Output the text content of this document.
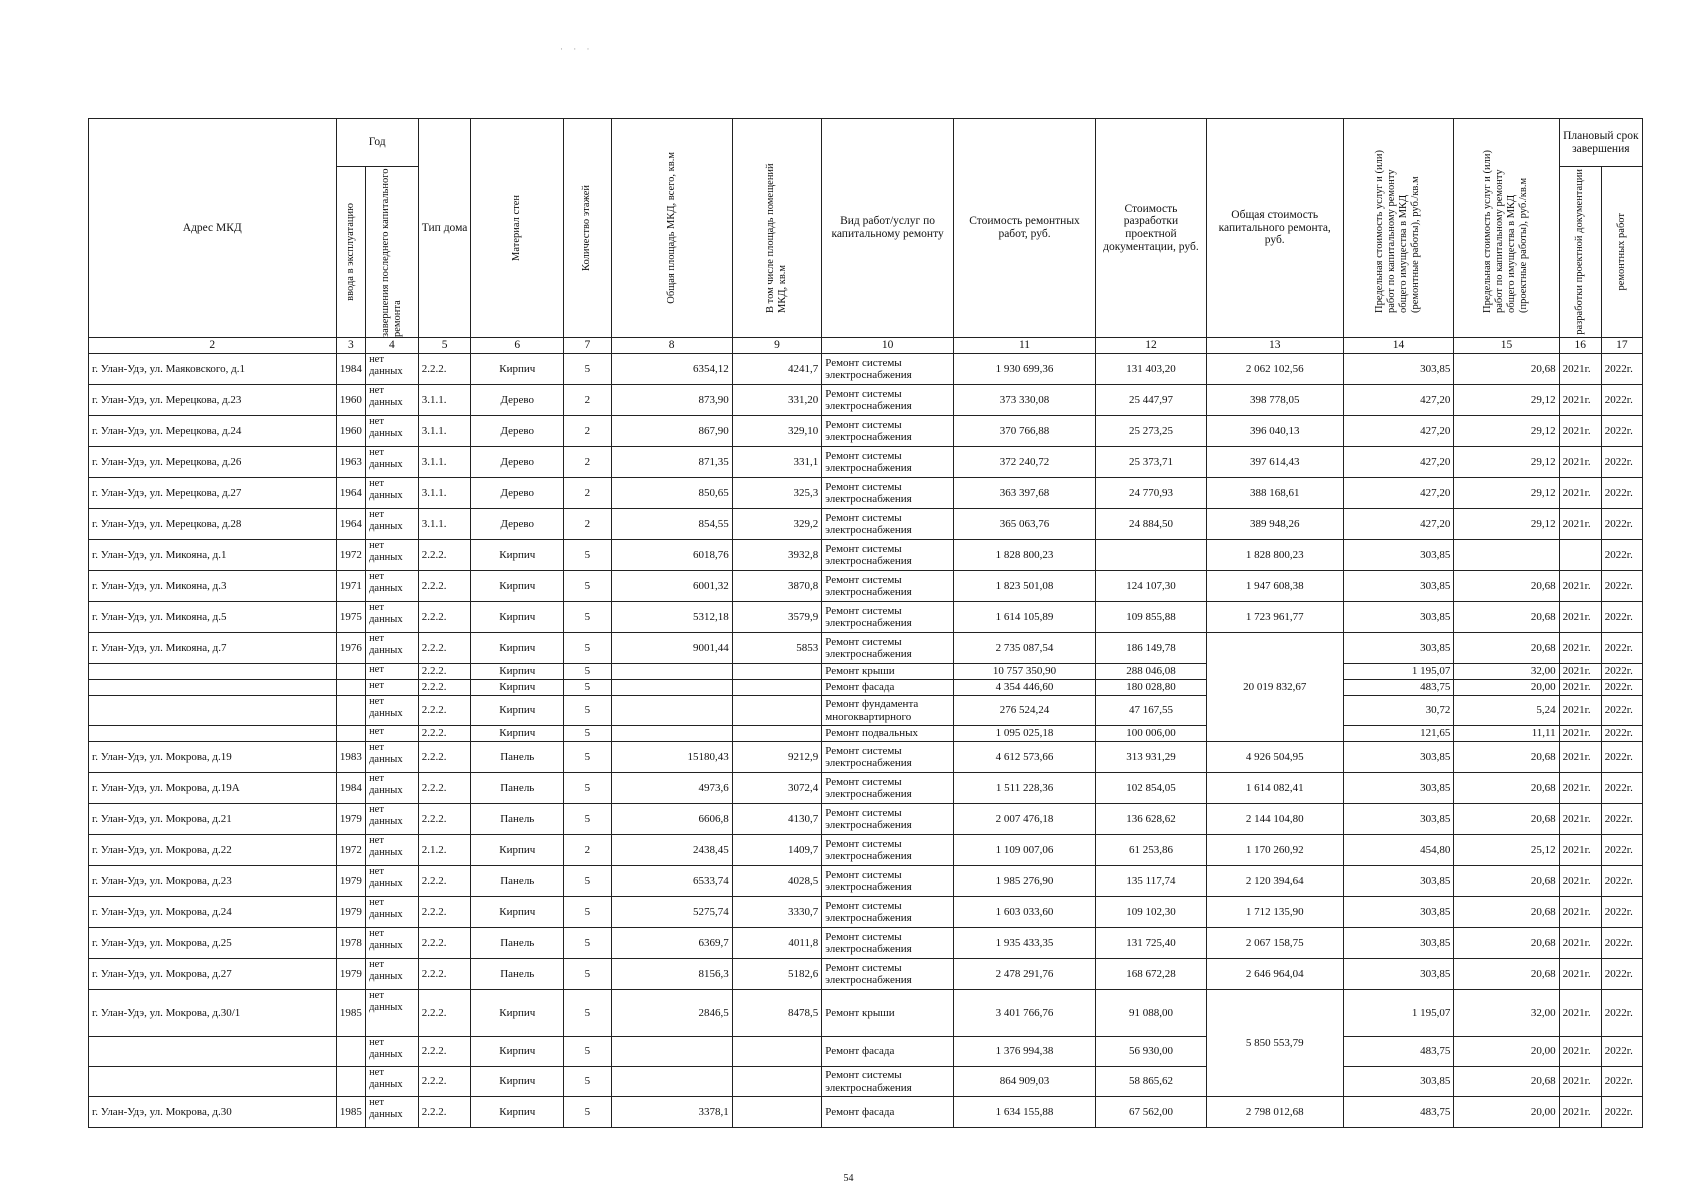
· · ·
Адрес МКД	Год		Тип дома	Материал стен	Количество этажей	Общая площадь МКД, всего, кв.м	В том числе площадь помещений МКД, кв.м	Вид работ/услуг по капитальному ремонту	Стоимость ремонтных работ, руб.	Стоимость разработки проектной документации, руб.	Общая стоимость капитального ремонта, руб.	Предельная стоимость услуг и (или) работ по капитальному ремонту общего имущества в МКД (ремонтные работы), руб./кв.м	Предельная стоимость услуг и (или) работ по капитальному ремонту общего имущества в МКД (проектные работы), руб./кв.м	Плановый срок завершения	

	ввода в эксплуатацию	завершения последнего капитального ремонта												разработки проектной документации	ремонтных работ

2	3	4	5	6	7	8	9	10	11	12	13	14	15	16	17
г. Улан-Удэ, ул. Маяковского, д.1	1984	нет данных	2.2.2.	Кирпич	5	6354,12	4241,7	Ремонт системы электроснабжения	1 930 699,36	131 403,20	2 062 102,56	303,85	20,68	2021г.	2022г.
г. Улан-Удэ, ул. Мерецкова, д.23	1960	нет данных	3.1.1.	Дерево	2	873,90	331,20	Ремонт системы электроснабжения	373 330,08	25 447,97	398 778,05	427,20	29,12	2021г.	2022г.
г. Улан-Удэ, ул. Мерецкова, д.24	1960	нет данных	3.1.1.	Дерево	2	867,90	329,10	Ремонт системы электроснабжения	370 766,88	25 273,25	396 040,13	427,20	29,12	2021г.	2022г.
г. Улан-Удэ, ул. Мерецкова, д.26	1963	нет данных	3.1.1.	Дерево	2	871,35	331,1	Ремонт системы электроснабжения	372 240,72	25 373,71	397 614,43	427,20	29,12	2021г.	2022г.
г. Улан-Удэ, ул. Мерецкова, д.27	1964	нет данных	3.1.1.	Дерево	2	850,65	325,3	Ремонт системы электроснабжения	363 397,68	24 770,93	388 168,61	427,20	29,12	2021г.	2022г.
г. Улан-Удэ, ул. Мерецкова, д.28	1964	нет данных	3.1.1.	Дерево	2	854,55	329,2	Ремонт системы электроснабжения	365 063,76	24 884,50	389 948,26	427,20	29,12	2021г.	2022г.
г. Улан-Удэ, ул. Микояна, д.1	1972	нет данных	2.2.2.	Кирпич	5	6018,76	3932,8	Ремонт системы электроснабжения	1 828 800,23		1 828 800,23	303,85			2022г.
г. Улан-Удэ, ул. Микояна, д.3	1971	нет данных	2.2.2.	Кирпич	5	6001,32	3870,8	Ремонт системы электроснабжения	1 823 501,08	124 107,30	1 947 608,38	303,85	20,68	2021г.	2022г.
г. Улан-Удэ, ул. Микояна, д.5	1975	нет данных	2.2.2.	Кирпич	5	5312,18	3579,9	Ремонт системы электроснабжения	1 614 105,89	109 855,88	1 723 961,77	303,85	20,68	2021г.	2022г.
г. Улан-Удэ, ул. Микояна, д.7	1976	нет данных	2.2.2.	Кирпич	5	9001,44	5853	Ремонт системы электроснабжения	2 735 087,54	186 149,78	20 019 832,67	303,85	20,68	2021г.	2022г.
		нет	2.2.2.	Кирпич	5			Ремонт крыши	10 757 350,90	288 046,08		1 195,07	32,00	2021г.	2022г.
		нет	2.2.2.	Кирпич	5			Ремонт фасада	4 354 446,60	180 028,80		483,75	20,00	2021г.	2022г.
		нет данных	2.2.2.	Кирпич	5			Ремонт фундамента многоквартирного	276 524,24	47 167,55		30,72	5,24	2021г.	2022г.
		нет	2.2.2.	Кирпич	5			Ремонт подвальных	1 095 025,18	100 006,00		121,65	11,11	2021г.	2022г.
г. Улан-Удэ, ул. Мокрова, д.19	1983	нет данных	2.2.2.	Панель	5	15180,43	9212,9	Ремонт системы электроснабжения	4 612 573,66	313 931,29	4 926 504,95	303,85	20,68	2021г.	2022г.
г. Улан-Удэ, ул. Мокрова, д.19А	1984	нет данных	2.2.2.	Панель	5	4973,6	3072,4	Ремонт системы электроснабжения	1 511 228,36	102 854,05	1 614 082,41	303,85	20,68	2021г.	2022г.
г. Улан-Удэ, ул. Мокрова, д.21	1979	нет данных	2.2.2.	Панель	5	6606,8	4130,7	Ремонт системы электроснабжения	2 007 476,18	136 628,62	2 144 104,80	303,85	20,68	2021г.	2022г.
г. Улан-Удэ, ул. Мокрова, д.22	1972	нет данных	2.1.2.	Кирпич	2	2438,45	1409,7	Ремонт системы электроснабжения	1 109 007,06	61 253,86	1 170 260,92	454,80	25,12	2021г.	2022г.
г. Улан-Удэ, ул. Мокрова, д.23	1979	нет данных	2.2.2.	Панель	5	6533,74	4028,5	Ремонт системы электроснабжения	1 985 276,90	135 117,74	2 120 394,64	303,85	20,68	2021г.	2022г.
г. Улан-Удэ, ул. Мокрова, д.24	1979	нет данных	2.2.2.	Кирпич	5	5275,74	3330,7	Ремонт системы электроснабжения	1 603 033,60	109 102,30	1 712 135,90	303,85	20,68	2021г.	2022г.
г. Улан-Удэ, ул. Мокрова, д.25	1978	нет данных	2.2.2.	Панель	5	6369,7	4011,8	Ремонт системы электроснабжения	1 935 433,35	131 725,40	2 067 158,75	303,85	20,68	2021г.	2022г.
г. Улан-Удэ, ул. Мокрова, д.27	1979	нет данных	2.2.2.	Панель	5	8156,3	5182,6	Ремонт системы электроснабжения	2 478 291,76	168 672,28	2 646 964,04	303,85	20,68	2021г.	2022г.
г. Улан-Удэ, ул. Мокрова, д.30/1	1985	нет данных	2.2.2.	Кирпич	5	2846,5	8478,5	Ремонт крыши	3 401 766,76	91 088,00	5 850 553,79	1 195,07	32,00	2021г.	2022г.
		нет данных	2.2.2.	Кирпич	5			Ремонт фасада	1 376 994,38	56 930,00		483,75	20,00	2021г.	2022г.
		нет данных	2.2.2.	Кирпич	5			Ремонт системы электроснабжения	864 909,03	58 865,62		303,85	20,68	2021г.	2022г.
г. Улан-Удэ, ул. Мокрова, д.30	1985	нет данных	2.2.2.	Кирпич	5	3378,1		Ремонт фасада	1 634 155,88	67 562,00	2 798 012,68	483,75	20,00	2021г.	2022г.
54
